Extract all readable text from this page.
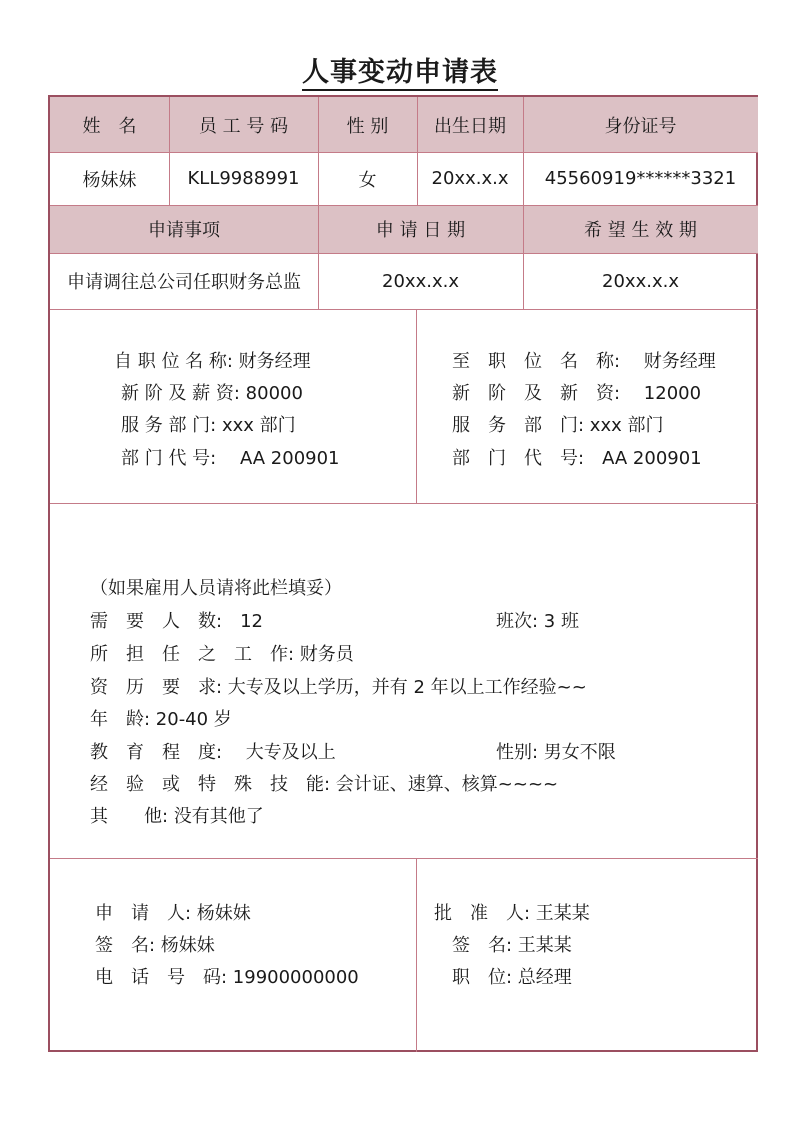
人事变动申请表
姓　名	员 工 号 码	性 别	出生日期	身份证号
杨妹妹	KLL9988991	女	20xx.x.x	45560919******3321
申请事项	申 请 日 期	希 望 生 效 期
申请调往总公司任职财务总监	20xx.x.x	20xx.x.x
自 职 位 名 称: 财务经理
新 阶 及 薪 资: 80000
服 务 部 门: xxx 部门
部 门 代 号:　 AA 200901
至　职　位　名　称:　 财务经理
新　阶　及　新　资:　 12000
服　务　部　门: xxx 部门
部　门　代　号:　AA 200901
（如果雇用人员请将此栏填妥）
需　要　人　数:　12	班次: 3 班
所　担　任　之　工　作: 财务员
资　历　要　求: 大专及以上学历，并有 2 年以上工作经验~~
年　龄: 20-40 岁
教　育　程　度:　 大专及以上	性别: 男女不限
经　验　或　特　殊　技　能: 会计证、速算、核算~~~~
其　　他: 没有其他了
申　请　人: 杨妹妹
签　名: 杨妹妹
电　话　号　码: 19900000000
批　准　人: 王某某
签　名: 王某某
职　位: 总经理
